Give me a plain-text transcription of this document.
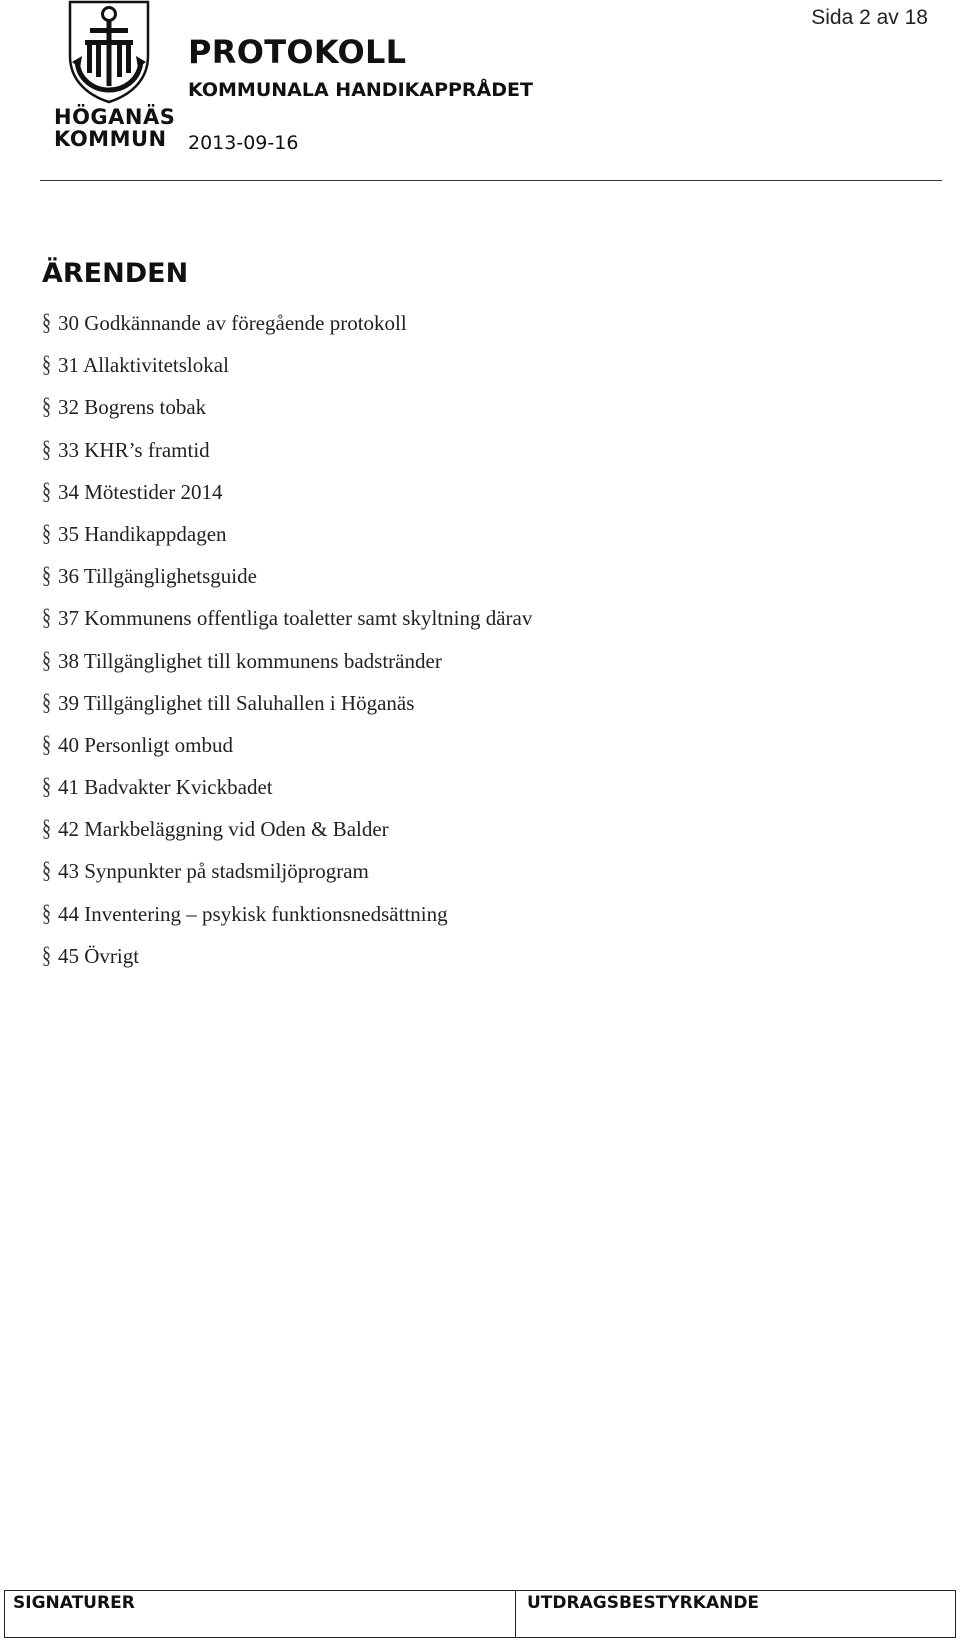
HÖGANÄS
KOMMUN
Sida 2 av 18
PROTOKOLL
KOMMUNALA HANDIKAPPRÅDET
2013-09-16
ÄRENDEN
§ 30 Godkännande av föregående protokoll
§ 31 Allaktivitetslokal
§ 32 Bogrens tobak
§ 33 KHR’s framtid
§ 34 Mötestider 2014
§ 35 Handikappdagen
§ 36 Tillgänglighetsguide
§ 37 Kommunens offentliga toaletter samt skyltning därav
§ 38 Tillgänglighet till kommunens badstränder
§ 39 Tillgänglighet till Saluhallen i Höganäs
§ 40 Personligt ombud
§ 41 Badvakter Kvickbadet
§ 42 Markbeläggning vid Oden & Balder
§ 43 Synpunkter på stadsmiljöprogram
§ 44 Inventering – psykisk funktionsnedsättning
§ 45 Övrigt
SIGNATURER	UTDRAGSBESTYRKANDE
